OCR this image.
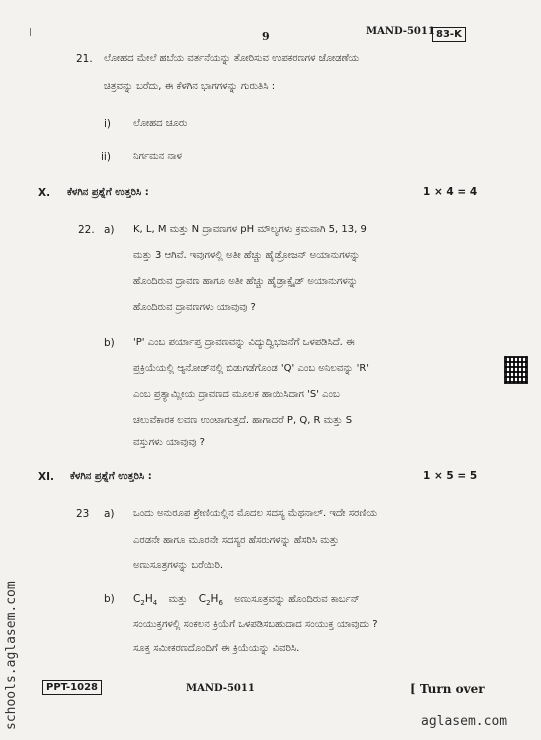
9	MAND-5011 83-K
21. ಲೋಹದ ಮೇಲೆ ಹಬೆಯ ವರ್ತನೆಯನ್ನು ತೋರಿಸುವ ಉಪಕರಣಗಳ ಜೋಡಣೆಯ
ಚಿತ್ರವನ್ನು ಬರೆದು, ಈ ಕೆಳಗಿನ ಭಾಗಗಳನ್ನು ಗುರುತಿಸಿ :
i) ಲೋಹದ ಚೂರು
ii) ನಿರ್ಗಮನ ನಾಳ
X. ಕೆಳಗಿನ ಪ್ರಶ್ನೆಗೆ ಉತ್ತರಿಸಿ :	1 × 4 = 4
22. a) K, L, M ಮತ್ತು N ದ್ರಾವಣಗಳ pH ಮೌಲ್ಯಗಳು ಕ್ರಮವಾಗಿ 5, 13, 9
ಮತ್ತು 3 ಆಗಿವೆ. ಇವುಗಳಲ್ಲಿ ಅತೀ ಹೆಚ್ಚು ಹೈಡ್ರೋಜನ್ ಅಯಾನುಗಳನ್ನು
ಹೊಂದಿರುವ ದ್ರಾವಣ ಹಾಗೂ ಅತೀ ಹೆಚ್ಚು ಹೈಡ್ರಾಕ್ಸೈಡ್ ಅಯಾನುಗಳನ್ನು
ಹೊಂದಿರುವ ದ್ರಾವಣಗಳು ಯಾವುವು ?
b) 'P' ಎಂಬ ಪರ್ಯಾಪ್ತ ದ್ರಾವಣವನ್ನು ವಿದ್ಯುದ್ವಿಭಜನೆಗೆ ಒಳಪಡಿಸಿದೆ. ಈ
ಪ್ರಕ್ರಿಯೆಯಲ್ಲಿ ಆ್ಯನೋಡ್‌ನಲ್ಲಿ ಬಿಡುಗಡೆಗೊಂಡ 'Q' ಎಂಬ ಅನಿಲವನ್ನು 'R'
ಎಂಬ ಪ್ರತ್ಯಾಮ್ಲೀಯ ದ್ರಾವಣದ ಮೂಲಕ ಹಾಯಿಸಿದಾಗ 'S' ಎಂಬ
ಚಲುವೆಕಾರಕ ಲವಣ ಉಂಟಾಗುತ್ತದೆ. ಹಾಗಾದರೆ P, Q, R ಮತ್ತು S
ವಸ್ತುಗಳು ಯಾವುವು ?
XI. ಕೆಳಗಿನ ಪ್ರಶ್ನೆಗೆ ಉತ್ತರಿಸಿ :	1 × 5 = 5
23 a) ಒಂದು ಅನುರೂಪ ಶ್ರೇಣಿಯಲ್ಲಿನ ಮೊದಲ ಸದಸ್ಯ ಮೆಥನಾಲ್. ಇದೇ ಸರಣಿಯ
ಎರಡನೇ ಹಾಗೂ ಮೂರನೇ ಸದಸ್ಯರ ಹೆಸರುಗಳನ್ನು ಹೆಸರಿಸಿ ಮತ್ತು
ಅಣುಸೂತ್ರಗಳನ್ನು ಬರೆಯಿರಿ.
b) $C_2H_4$ ಮತ್ತು $C_2H_6$ ಅಣುಸೂತ್ರವನ್ನು ಹೊಂದಿರುವ ಕಾರ್ಬನ್
ಸಂಯುಕ್ತಗಳಲ್ಲಿ ಸಂಕಲನ ಕ್ರಿಯೆಗೆ ಒಳಪಡಿಸಬಹುದಾದ ಸಂಯುಕ್ತ ಯಾವುದು ?
ಸೂಕ್ತ ಸಮೀಕರಣದೊಂದಿಗೆ ಈ ಕ್ರಿಯೆಯನ್ನು ವಿವರಿಸಿ.
PPT-1028	MAND-5011	[ Turn over
aglasem.com
schools.aglasem.com
